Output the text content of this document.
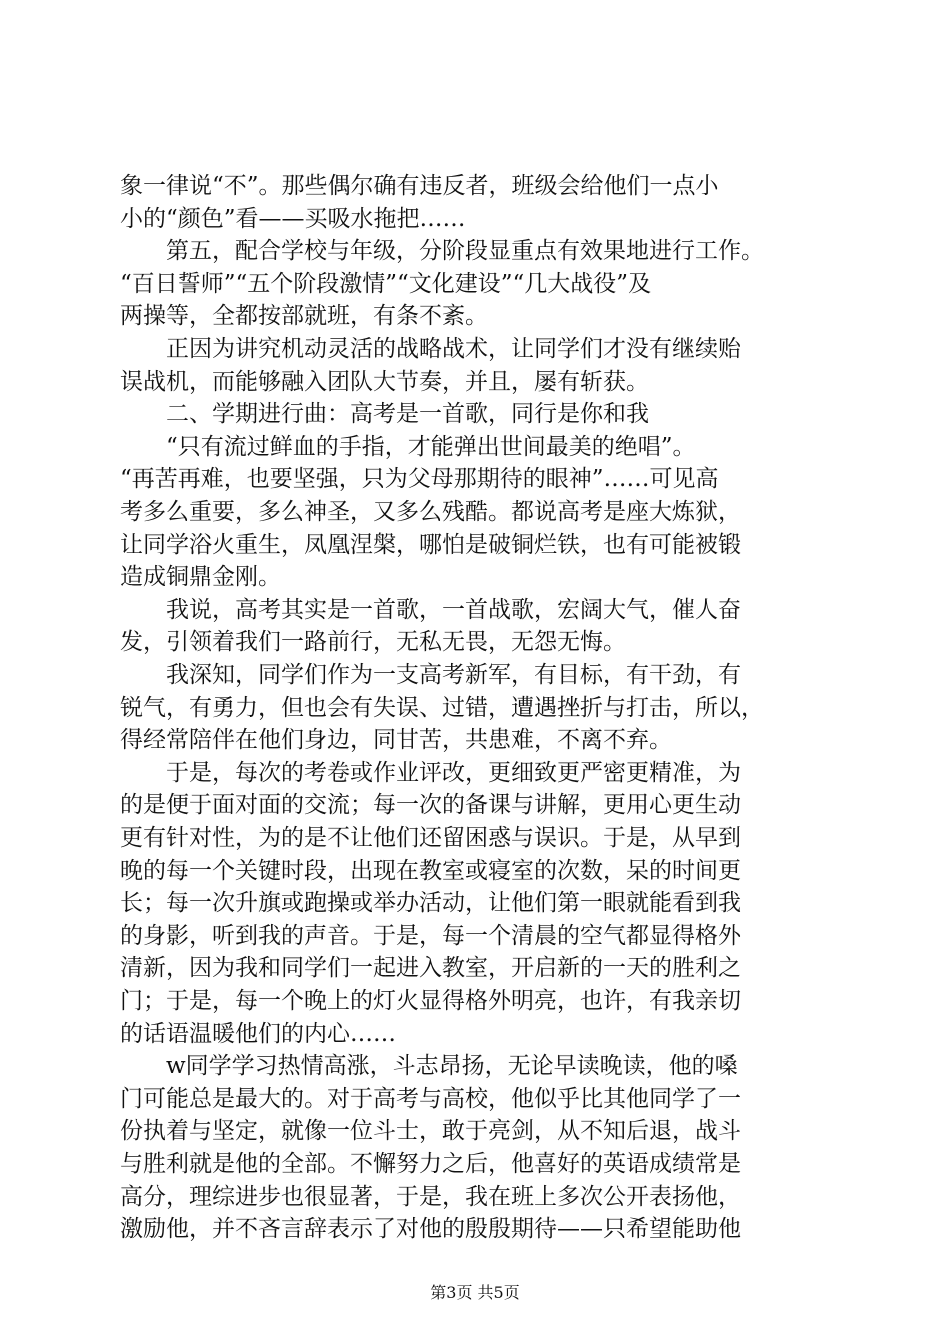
象一律说“不”。那些偶尔确有违反者，班级会给他们一点小
小的“颜色”看——买吸水拖把……
　　第五，配合学校与年级，分阶段显重点有效果地进行工作。
“百日誓师”“五个阶段激情”“文化建设”“几大战役”及
两操等，全都按部就班，有条不紊。
　　正因为讲究机动灵活的战略战术，让同学们才没有继续贻
误战机，而能够融入团队大节奏，并且，屡有斩获。
　　二、学期进行曲：高考是一首歌，同行是你和我
　　“只有流过鲜血的手指，才能弹出世间最美的绝唱”。
“再苦再难，也要坚强，只为父母那期待的眼神”……可见高
考多么重要，多么神圣，又多么残酷。都说高考是座大炼狱，
让同学浴火重生，凤凰涅槃，哪怕是破铜烂铁，也有可能被锻
造成铜鼎金刚。
　　我说，高考其实是一首歌，一首战歌，宏阔大气，催人奋
发，引领着我们一路前行，无私无畏，无怨无悔。
　　我深知，同学们作为一支高考新军，有目标，有干劲，有
锐气，有勇力，但也会有失误、过错，遭遇挫折与打击，所以，
得经常陪伴在他们身边，同甘苦，共患难，不离不弃。
　　于是，每次的考卷或作业评改，更细致更严密更精准，为
的是便于面对面的交流；每一次的备课与讲解，更用心更生动
更有针对性，为的是不让他们还留困惑与误识。于是，从早到
晚的每一个关键时段，出现在教室或寝室的次数，呆的时间更
长；每一次升旗或跑操或举办活动，让他们第一眼就能看到我
的身影，听到我的声音。于是，每一个清晨的空气都显得格外
清新，因为我和同学们一起进入教室，开启新的一天的胜利之
门；于是，每一个晚上的灯火显得格外明亮，也许，有我亲切
的话语温暖他们的内心……
　　w同学学习热情高涨，斗志昂扬，无论早读晚读，他的嗓
门可能总是最大的。对于高考与高校，他似乎比其他同学了一
份执着与坚定，就像一位斗士，敢于亮剑，从不知后退，战斗
与胜利就是他的全部。不懈努力之后，他喜好的英语成绩常是
高分，理综进步也很显著，于是，我在班上多次公开表扬他，
激励他，并不吝言辞表示了对他的殷殷期待——只希望能助他
第3页 共5页
